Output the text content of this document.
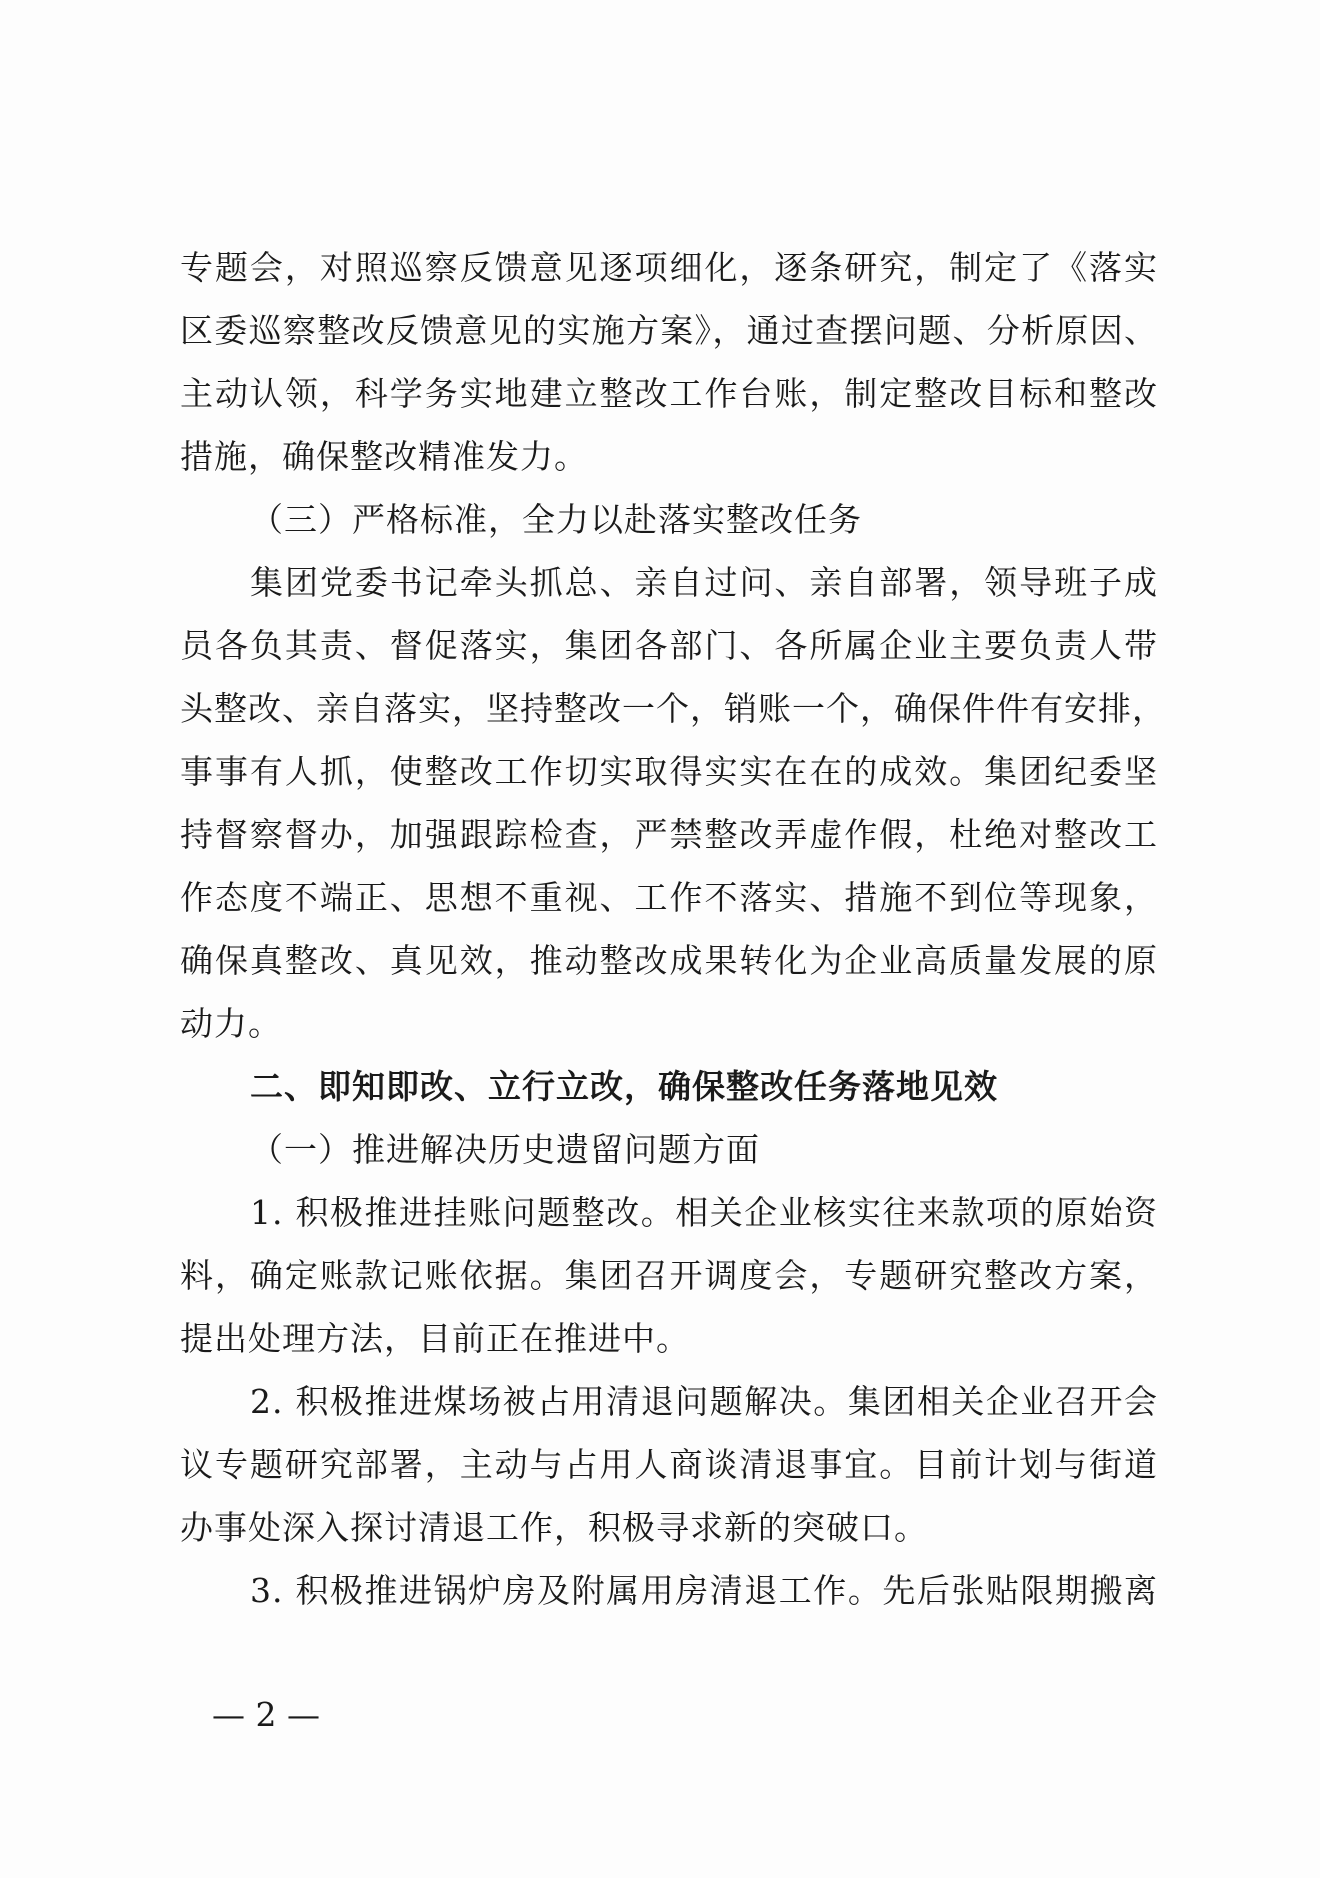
专题会，对照巡察反馈意见逐项细化，逐条研究，制定了《落实
区委巡察整改反馈意见的实施方案》，通过查摆问题、分析原因、
主动认领，科学务实地建立整改工作台账，制定整改目标和整改
措施，确保整改精准发力。
（三）严格标准，全力以赴落实整改任务
集团党委书记牵头抓总、亲自过问、亲自部署，领导班子成
员各负其责、督促落实，集团各部门、各所属企业主要负责人带
头整改、亲自落实，坚持整改一个，销账一个，确保件件有安排，
事事有人抓，使整改工作切实取得实实在在的成效。集团纪委坚
持督察督办，加强跟踪检查，严禁整改弄虚作假，杜绝对整改工
作态度不端正、思想不重视、工作不落实、措施不到位等现象，
确保真整改、真见效，推动整改成果转化为企业高质量发展的原
动力。
二、即知即改、立行立改，确保整改任务落地见效
（一）推进解决历史遗留问题方面
1. 积极推进挂账问题整改。相关企业核实往来款项的原始资
料，确定账款记账依据。集团召开调度会，专题研究整改方案，
提出处理方法，目前正在推进中。
2. 积极推进煤场被占用清退问题解决。集团相关企业召开会
议专题研究部署，主动与占用人商谈清退事宜。目前计划与街道
办事处深入探讨清退工作，积极寻求新的突破口。
3. 积极推进锅炉房及附属用房清退工作。先后张贴限期搬离
— 2 —
